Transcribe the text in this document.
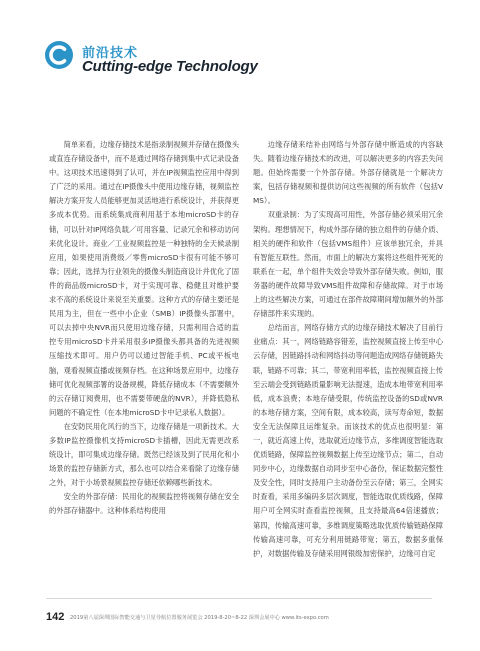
前沿技术
Cutting-edge Technology

简单来看，边缘存储技术是指录制视频并存储在摄像头或直连存储设备中，而不是通过网络存储到集中式记录设备中。这项技术迅速得到了认可，并在IP视频监控应用中得到了广泛的采用。通过在IP摄像头中使用边缘存储，视频监控解决方案开发人员能够更加灵活地进行系统设计，并获得更多成本优势。而系统集成商利用基于本地microSD卡的存储，可以针对IP网络负载／可用容量、记录冗余和移动访问来优化设计。商业／工业视频监控是一种独特的全天候录制应用，如果使用消费级／零售microSD卡很有可能不够可靠；因此，选择为行业领先的摄像头制造商设计并优化了固件的商品级microSD卡，对于实现可靠、稳健且对维护要求不高的系统设计来说至关重要。这种方式的存储主要还是民用为主，但在一些中小企业（SMB）IP摄像头部署中，可以去掉中央NVR而只使用边缘存储，只需利用合适的监控专用microSD卡并采用很多IP摄像头都具备的先进视频压缩技术即可。用户仍可以通过智能手机、PC或平板电脑，观看视频直播或视频存档。在这种场景应用中，边缘存储可优化视频部署的设备规模，降低存储成本（不需要额外的云存储订阅费用，也不需要带硬盘的NVR），并降低隐私问题的不确定性（在本地microSD卡中记录私人数据）。

在安防民用化风行的当下，边缘存储是一项新技术。大多数IP监控摄像机支持microSD卡插槽，因此无需更改系统设计，即可集成边缘存储。既然已经该及到了民用化和小场景的监控存储新方式，那么也可以结合来看除了边缘存储之外，对于小场景视频监控存储还依赖哪些新技术。

安全的外部存储：民用化的视频监控将视频存储在安全的外部存储器中。这种体系结构使用

边缘存储来结补由网络与外部存储中断造成的内容缺失。随着边缘存储技术的改进，可以解决更多的内容丢失问题。但始终需要一个外部存储。外部存储就是一个解决方案，包括存储视频和提供访问这些视频的所有软件（包括VMS）。

双重录制：为了实现高可用性，外部存储必须采用冗余架构。理想情况下，构成外部存储的独立组件的存储介质、相关的硬件和软件（包括VMS组件）应该单独冗余，并具有智能互联性。然而，市面上的解决方案将这些组件死死的联系在一起，单个组件失效会导致外部存储失败。例如，服务器的硬件故障导致VMS组件故障和存储故障。对于市场上的这些解决方案，可通过在部件故障期间增加额外的外部存储部件来实现的。

总结而言，网络存储方式的边缘存储技术解决了目前行业痛点：其一，网络链路容错差，监控视频直接上传至中心云存储，因链路抖动和网络抖动等问题造成网络存储链路失联，链路不可靠；其二，带宽利用率低，监控视频直接上传至云端会受到链路质量影响无法提速，造成本地带宽利用率低，成本浪费；本地存储受限，传统监控设备的SD或NVR的本地存储方案，空间有限，成本较高，读写寿命短，数据安全无法保障且运维复杂。而该技术的优点也很明显：第一，就近高速上传，选取就近边缘节点，多维调度智能选取优质链路，保障监控视频数据上传至边缘节点；第二，自动同步中心，边缘数据自动同步至中心备份，保证数据完整性及安全性，同时支持用户主动备份至云存储；第三，全网实时查看，采用多编码多层次调度，智能选取优质线路，保障用户可全网实时查看监控视频，且支持最高64倍速播放；第四，传输高速可靠，多维调度策略选取优质传输链路保障传输高速可靠，可充分利用链路带宽；第五，数据多重保护，对数据传输及存储采用网银级加密保护，边缘可自定

142 2019第八届深圳国际智能交通与卫星导航位置服务展览会 2019-8-20~8-22 深圳会展中心 www.its-expo.com
